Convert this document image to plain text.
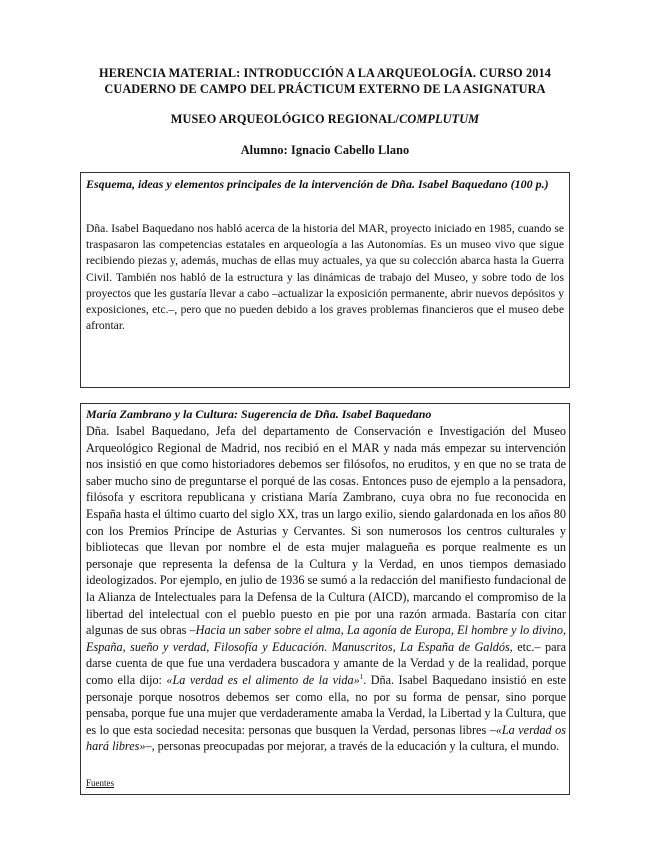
HERENCIA MATERIAL: INTRODUCCIÓN A LA ARQUEOLOGÍA. CURSO 2014
CUADERNO DE CAMPO DEL PRÁCTICUM EXTERNO DE LA ASIGNATURA
MUSEO ARQUEOLÓGICO REGIONAL/COMPLUTUM
Alumno: Ignacio Cabello Llano
Esquema, ideas y elementos principales de la intervención de Dña. Isabel Baquedano (100 p.)
Dña. Isabel Baquedano nos habló acerca de la historia del MAR, proyecto iniciado en 1985, cuando se traspasaron las competencias estatales en arqueología a las Autonomías. Es un museo vivo que sigue recibiendo piezas y, además, muchas de ellas muy actuales, ya que su colección abarca hasta la Guerra Civil. También nos habló de la estructura y las dinámicas de trabajo del Museo, y sobre todo de los proyectos que les gustaría llevar a cabo –actualizar la exposición permanente, abrir nuevos depósitos y exposiciones, etc.–, pero que no pueden debido a los graves problemas financieros que el museo debe afrontar.
María Zambrano y la Cultura: Sugerencia de Dña. Isabel Baquedano
Dña. Isabel Baquedano, Jefa del departamento de Conservación e Investigación del Museo Arqueológico Regional de Madrid, nos recibió en el MAR y nada más empezar su intervención nos insistió en que como historiadores debemos ser filósofos, no eruditos, y en que no se trata de saber mucho sino de preguntarse el porqué de las cosas. Entonces puso de ejemplo a la pensadora, filósofa y escritora republicana y cristiana María Zambrano, cuya obra no fue reconocida en España hasta el último cuarto del siglo XX, tras un largo exilio, siendo galardonada en los años 80 con los Premios Príncipe de Asturias y Cervantes. Si son numerosos los centros culturales y bibliotecas que llevan por nombre el de esta mujer malagueña es porque realmente es un personaje que representa la defensa de la Cultura y la Verdad, en unos tiempos demasiado ideologizados. Por ejemplo, en julio de 1936 se sumó a la redacción del manifiesto fundacional de la Alianza de Intelectuales para la Defensa de la Cultura (AICD), marcando el compromiso de la libertad del intelectual con el pueblo puesto en pie por una razón armada. Bastaría con citar algunas de sus obras –Hacia un saber sobre el alma, La agonía de Europa, El hombre y lo divino, España, sueño y verdad, Filosofía y Educación. Manuscritos, La España de Galdós, etc.– para darse cuenta de que fue una verdadera buscadora y amante de la Verdad y de la realidad, porque como ella dijo: «La verdad es el alimento de la vida»$^1$. Dña. Isabel Baquedano insistió en este personaje porque nosotros debemos ser como ella, no por su forma de pensar, sino porque pensaba, porque fue una mujer que verdaderamente amaba la Verdad, la Libertad y la Cultura, que es lo que esta sociedad necesita: personas que busquen la Verdad, personas libres –«La verdad os hará libres»–, personas preocupadas por mejorar, a través de la educación y la cultura, el mundo.
Fuentes
